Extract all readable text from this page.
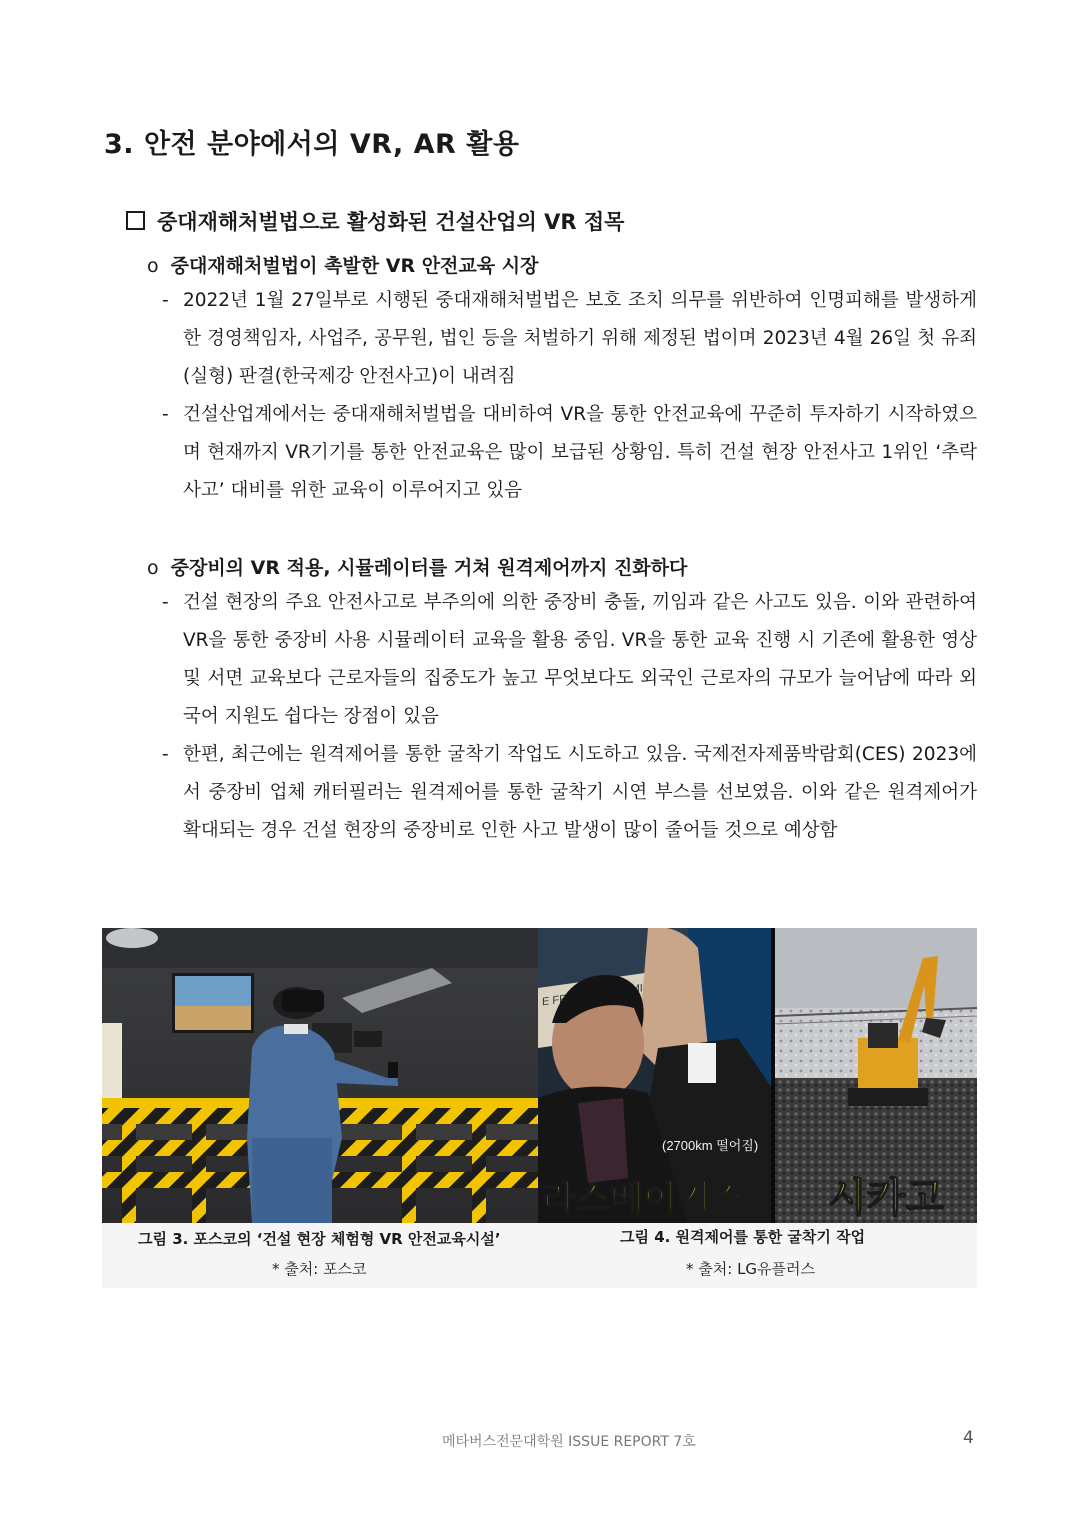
3. 안전 분야에서의 VR, AR 활용
중대재해처벌법으로 활성화된 건설산업의 VR 접목
o 중대재해처벌법이 촉발한 VR 안전교육 시장
- 2022년 1월 27일부로 시행된 중대재해처벌법은 보호 조치 의무를 위반하여 인명피해를 발생하게 한 경영책임자, 사업주, 공무원, 법인 등을 처벌하기 위해 제정된 법이며 2023년 4월 26일 첫 유죄(실형) 판결(한국제강 안전사고)이 내려짐
- 건설산업계에서는 중대재해처벌법을 대비하여 VR을 통한 안전교육에 꾸준히 투자하기 시작하였으며 현재까지 VR기기를 통한 안전교육은 많이 보급된 상황임. 특히 건설 현장 안전사고 1위인 ‘추락사고’ 대비를 위한 교육이 이루어지고 있음
o 중장비의 VR 적용, 시뮬레이터를 거쳐 원격제어까지 진화하다
- 건설 현장의 주요 안전사고로 부주의에 의한 중장비 충돌, 끼임과 같은 사고도 있음. 이와 관련하여 VR을 통한 중장비 사용 시뮬레이터 교육을 활용 중임. VR을 통한 교육 진행 시 기존에 활용한 영상 및 서면 교육보다 근로자들의 집중도가 높고 무엇보다도 외국인 근로자의 규모가 늘어남에 따라 외국어 지원도 쉽다는 장점이 있음
- 한편, 최근에는 원격제어를 통한 굴착기 작업도 시도하고 있음. 국제전자제품박람회(CES) 2023에서 중장비 업체 캐터필러는 원격제어를 통한 굴착기 시연 부스를 선보였음. 이와 같은 원격제어가 확대되는 경우 건설 현장의 중장비로 인한 사고 발생이 많이 줄어들 것으로 예상함
E
(2700km 떨어짐)
라스베이거스 시카고
그림 3. 포스코의 ‘건설 현장 체험형 VR 안전교육시설’
* 출처: 포스코
그림 4. 원격제어를 통한 굴착기 작업
* 출처: LG유플러스
메타버스전문대학원 ISSUE REPORT 7호	4
